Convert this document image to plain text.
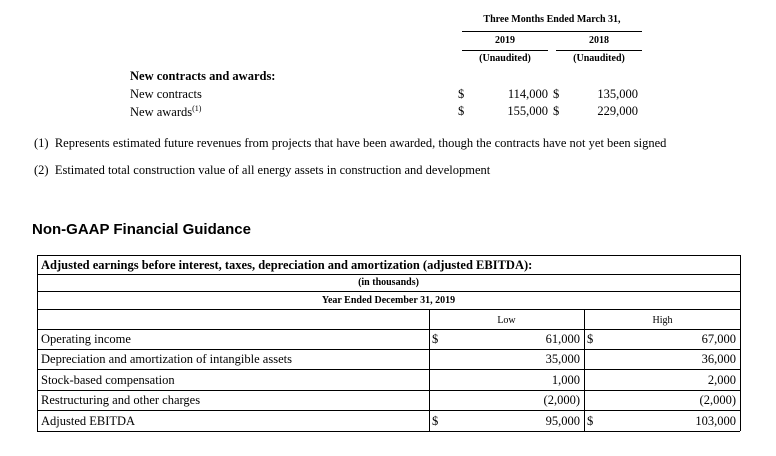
Three Months Ended March 31,
2019	2018
(Unaudited)	(Unaudited)
New contracts and awards:
New contracts	$	114,000 $	135,000
New awards$^{(1)}$	$	155,000 $	229,000
(1) Represents estimated future revenues from projects that have been awarded, though the contracts have not yet been signed
(2) Estimated total construction value of all energy assets in construction and development
Non-GAAP Financial Guidance
Adjusted earnings before interest, taxes, depreciation and amortization (adjusted EBITDA):
(in thousands)
Year Ended December 31, 2019
Low	High
Operating income	$	61,000 $	67,000
Depreciation and amortization of intangible assets	35,000	36,000
Stock-based compensation	1,000	2,000
Restructuring and other charges	(2,000)	(2,000)
Adjusted EBITDA	$	95,000 $	103,000
